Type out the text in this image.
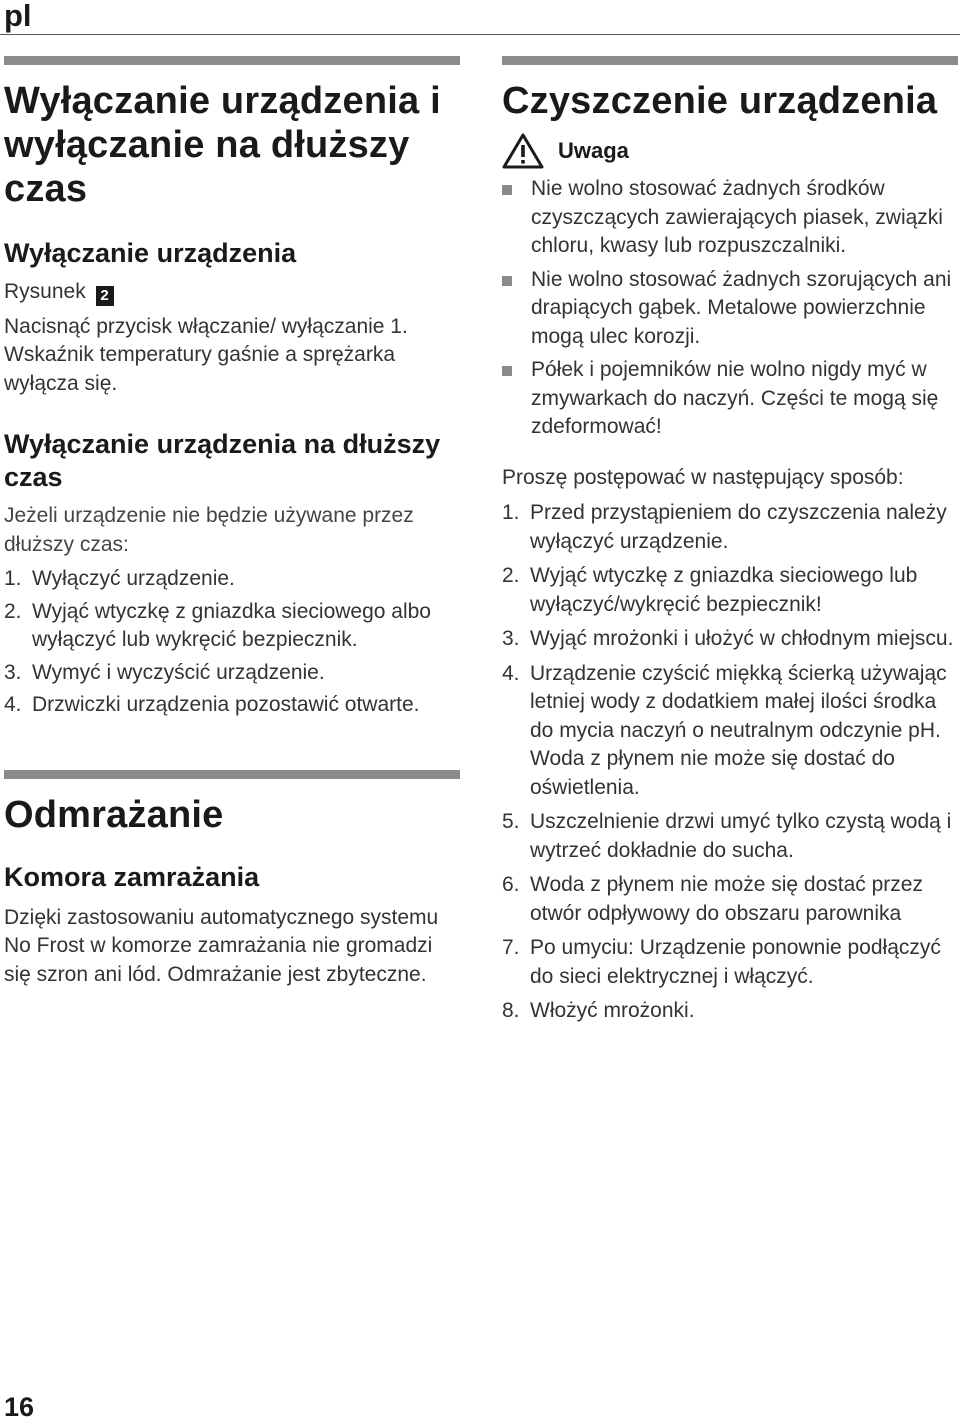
pl
Wyłączanie urządzenia i wyłączanie na dłuższy czas
Wyłączanie urządzenia

Rysunek 2

Nacisnąć przycisk włączanie/ wyłączanie 1.

Wskaźnik temperatury gaśnie a sprężarka wyłącza się.

Wyłączanie urządzenia na dłuższy czas

Jeżeli urządzenie nie będzie używane przez dłuższy czas:

1. Wyłączyć urządzenie.
2. Wyjąć wtyczkę z gniazdka sieciowego albo wyłączyć lub wykręcić bezpiecznik.
3. Wymyć i wyczyścić urządzenie.
4. Drzwiczki urządzenia pozostawić otwarte.
Odmrażanie
Komora zamrażania

Dzięki zastosowaniu automatycznego systemu No Frost w komorze zamrażania nie gromadzi się szron ani lód. Odmrażanie jest zbyteczne.

Czyszczenie urządzenia
Uwaga
Nie wolno stosować żadnych środków czyszczących zawierających piasek, związki chloru, kwasy lub rozpuszczalniki.
Nie wolno stosować żadnych szorujących ani drapiących gąbek. Metalowe powierzchnie mogą ulec korozji.
Półek i pojemników nie wolno nigdy myć w zmywarkach do naczyń. Części te mogą się zdeformować!

Proszę postępować w następujący sposób:

1. Przed przystąpieniem do czyszczenia należy wyłączyć urządzenie.
2. Wyjąć wtyczkę z gniazdka sieciowego lub wyłączyć/wykręcić bezpiecznik!
3. Wyjąć mrożonki i ułożyć w chłodnym miejscu.
4. Urządzenie czyścić miękką ścierką używając letniej wody z dodatkiem małej ilości środka do mycia naczyń o neutralnym odczynie pH. Woda z płynem nie może się dostać do oświetlenia.
5. Uszczelnienie drzwi umyć tylko czystą wodą i wytrzeć dokładnie do sucha.
6. Woda z płynem nie może się dostać przez otwór odpływowy do obszaru parownika
7. Po umyciu: Urządzenie ponownie podłączyć do sieci elektrycznej i włączyć.
8. Włożyć mrożonki.
16
